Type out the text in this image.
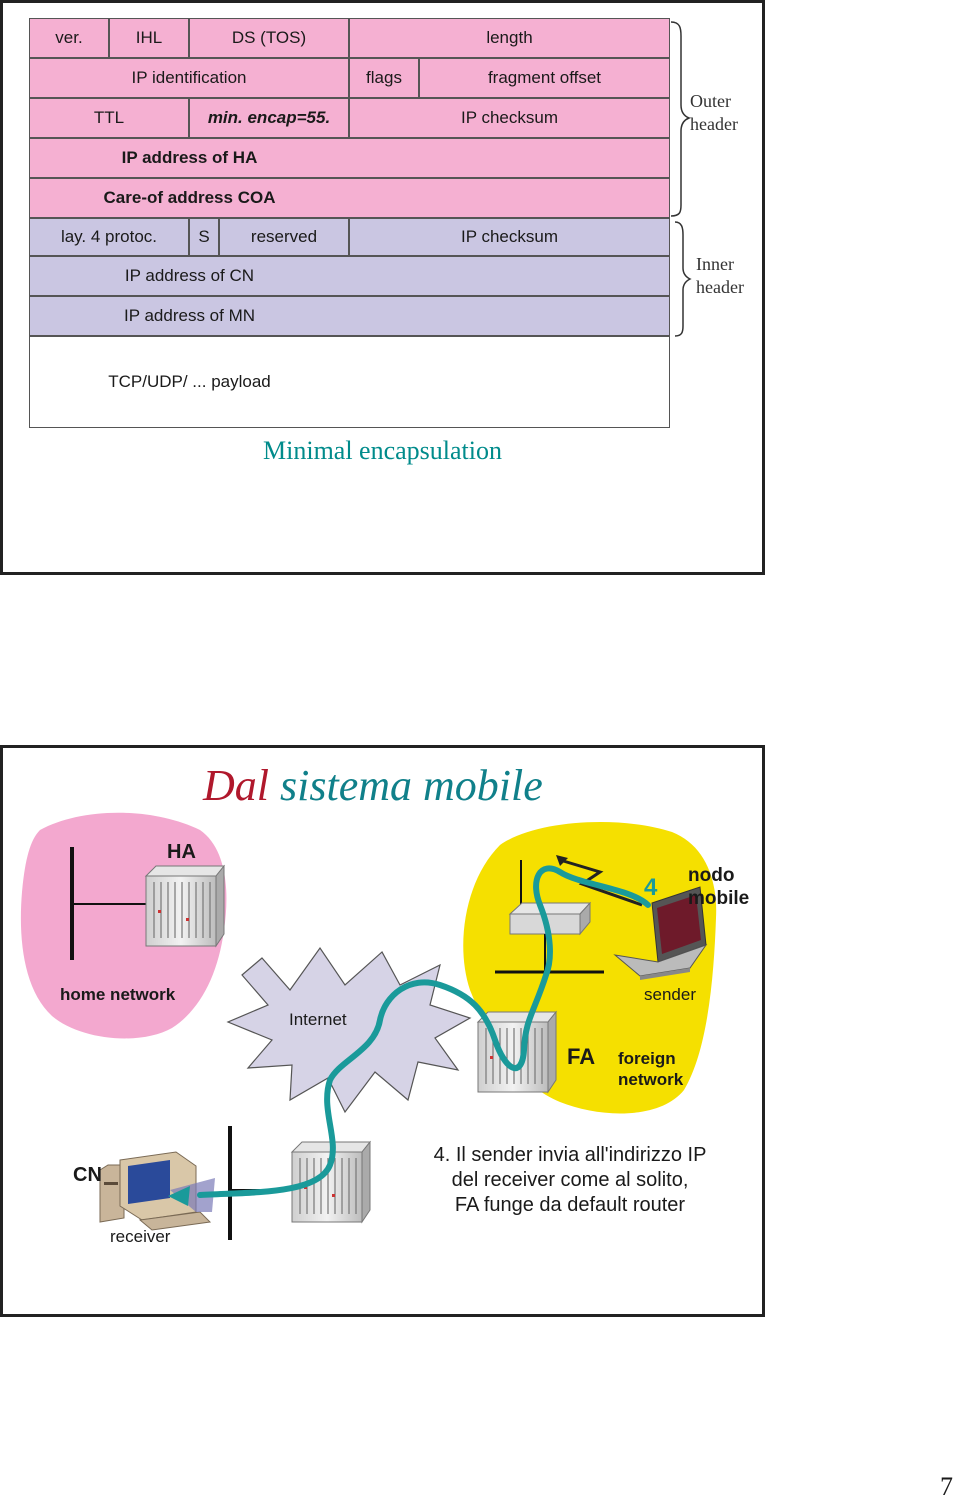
ver.	IHL	DS (TOS)	length
IP identification	flags	fragment offset
TTL	min. encap=55.	IP checksum
IP address of HA
Care-of address COA
lay. 4 protoc.	S	reserved	IP checksum
IP address of CN
IP address of MN
TCP/UDP/ ... payload
Outer
header
Inner
header
Minimal encapsulation
Dal sistema mobile
HA
home network
Internet
4 nodo
mobile
sender
FA foreign
network
CN
receiver
4. Il sender invia all'indirizzo IP
del receiver come al solito,
FA funge da default router
7
